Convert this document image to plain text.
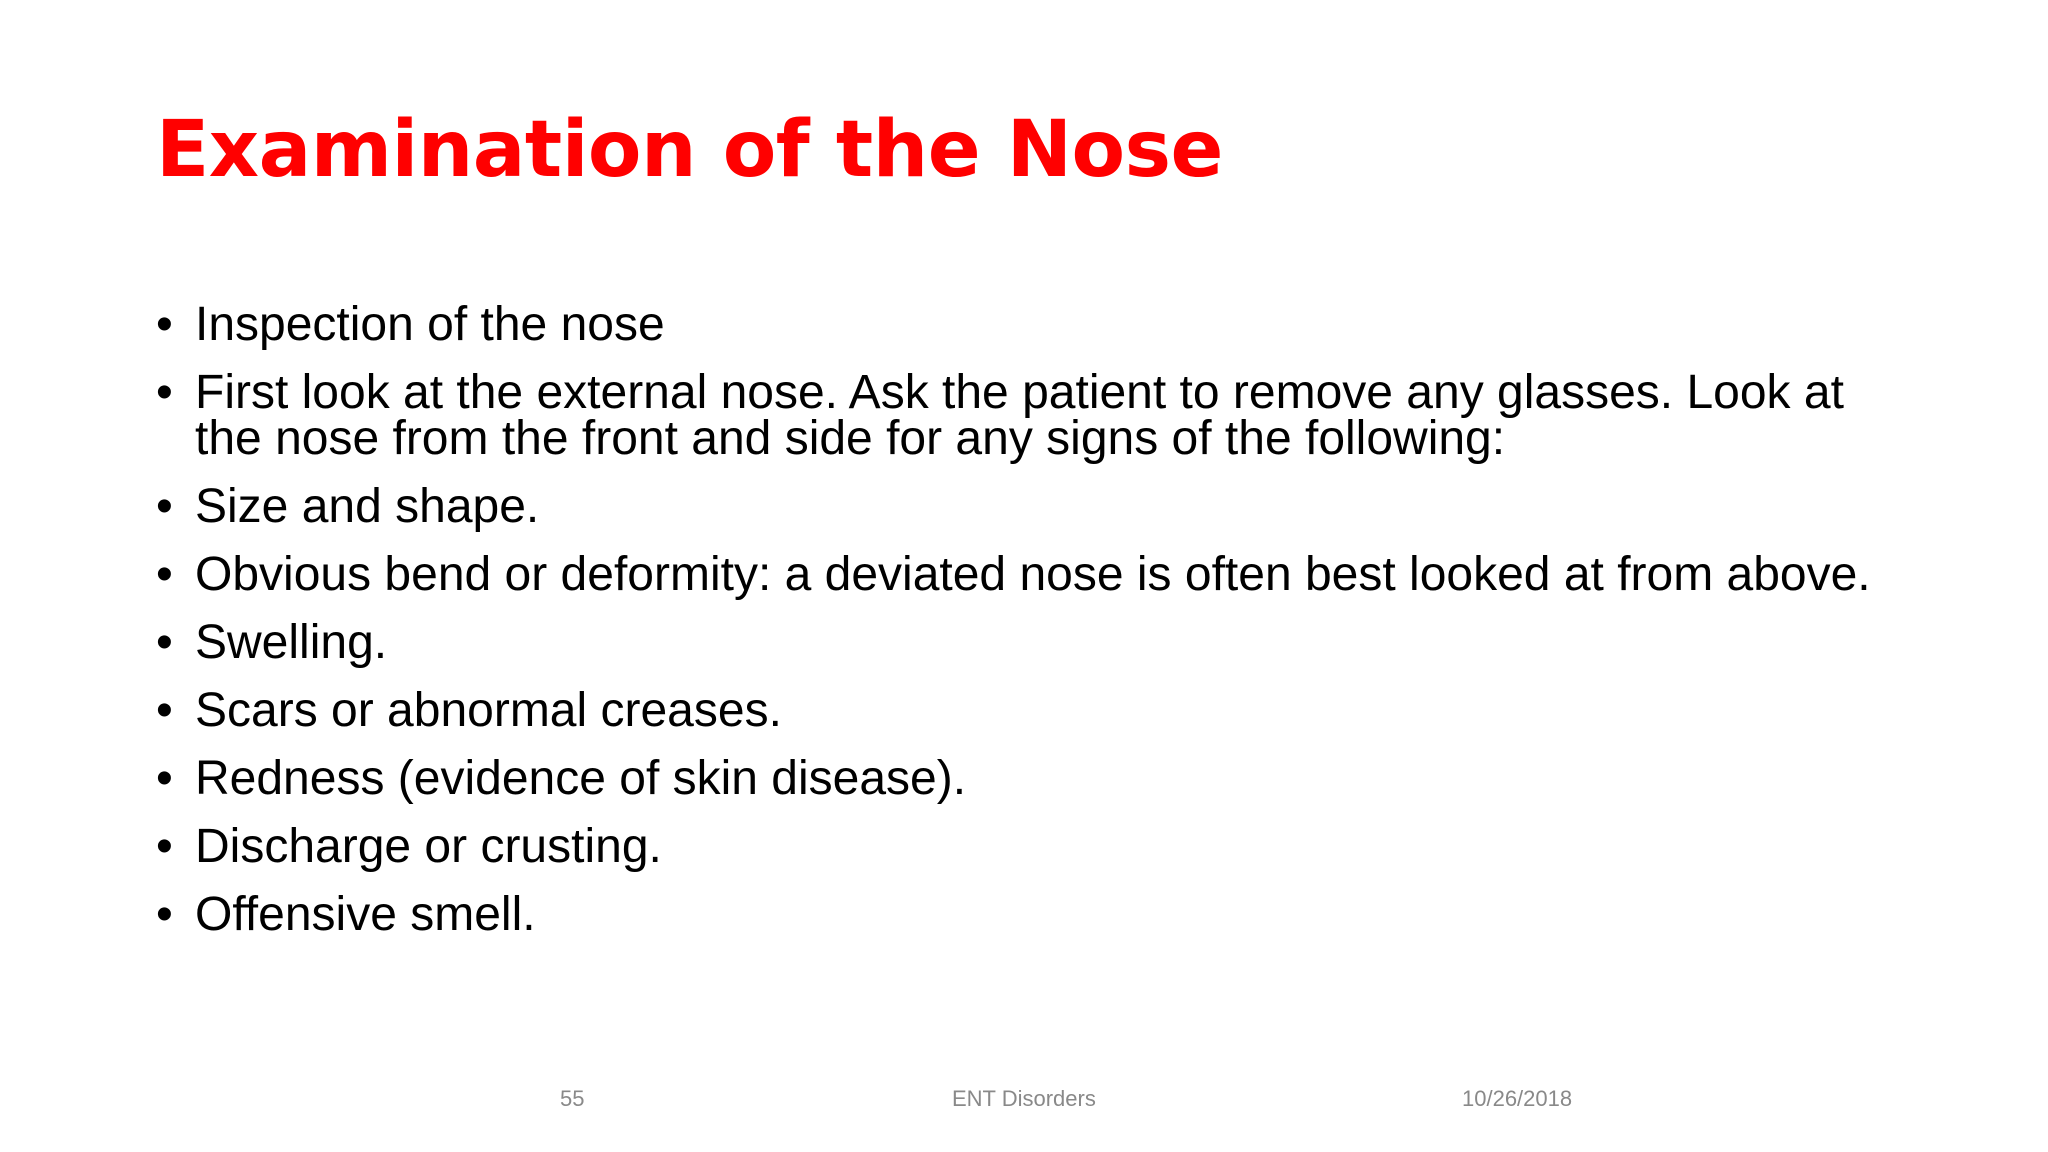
Examination of the Nose
• Inspection of the nose
• First look at the external nose. Ask the patient to remove any glasses. Look at the nose from the front and side for any signs of the following:
• Size and shape.
• Obvious bend or deformity: a deviated nose is often best looked at from above.
• Swelling.
• Scars or abnormal creases.
• Redness (evidence of skin disease).
• Discharge or crusting.
• Offensive smell.
55	ENT Disorders	10/26/2018
